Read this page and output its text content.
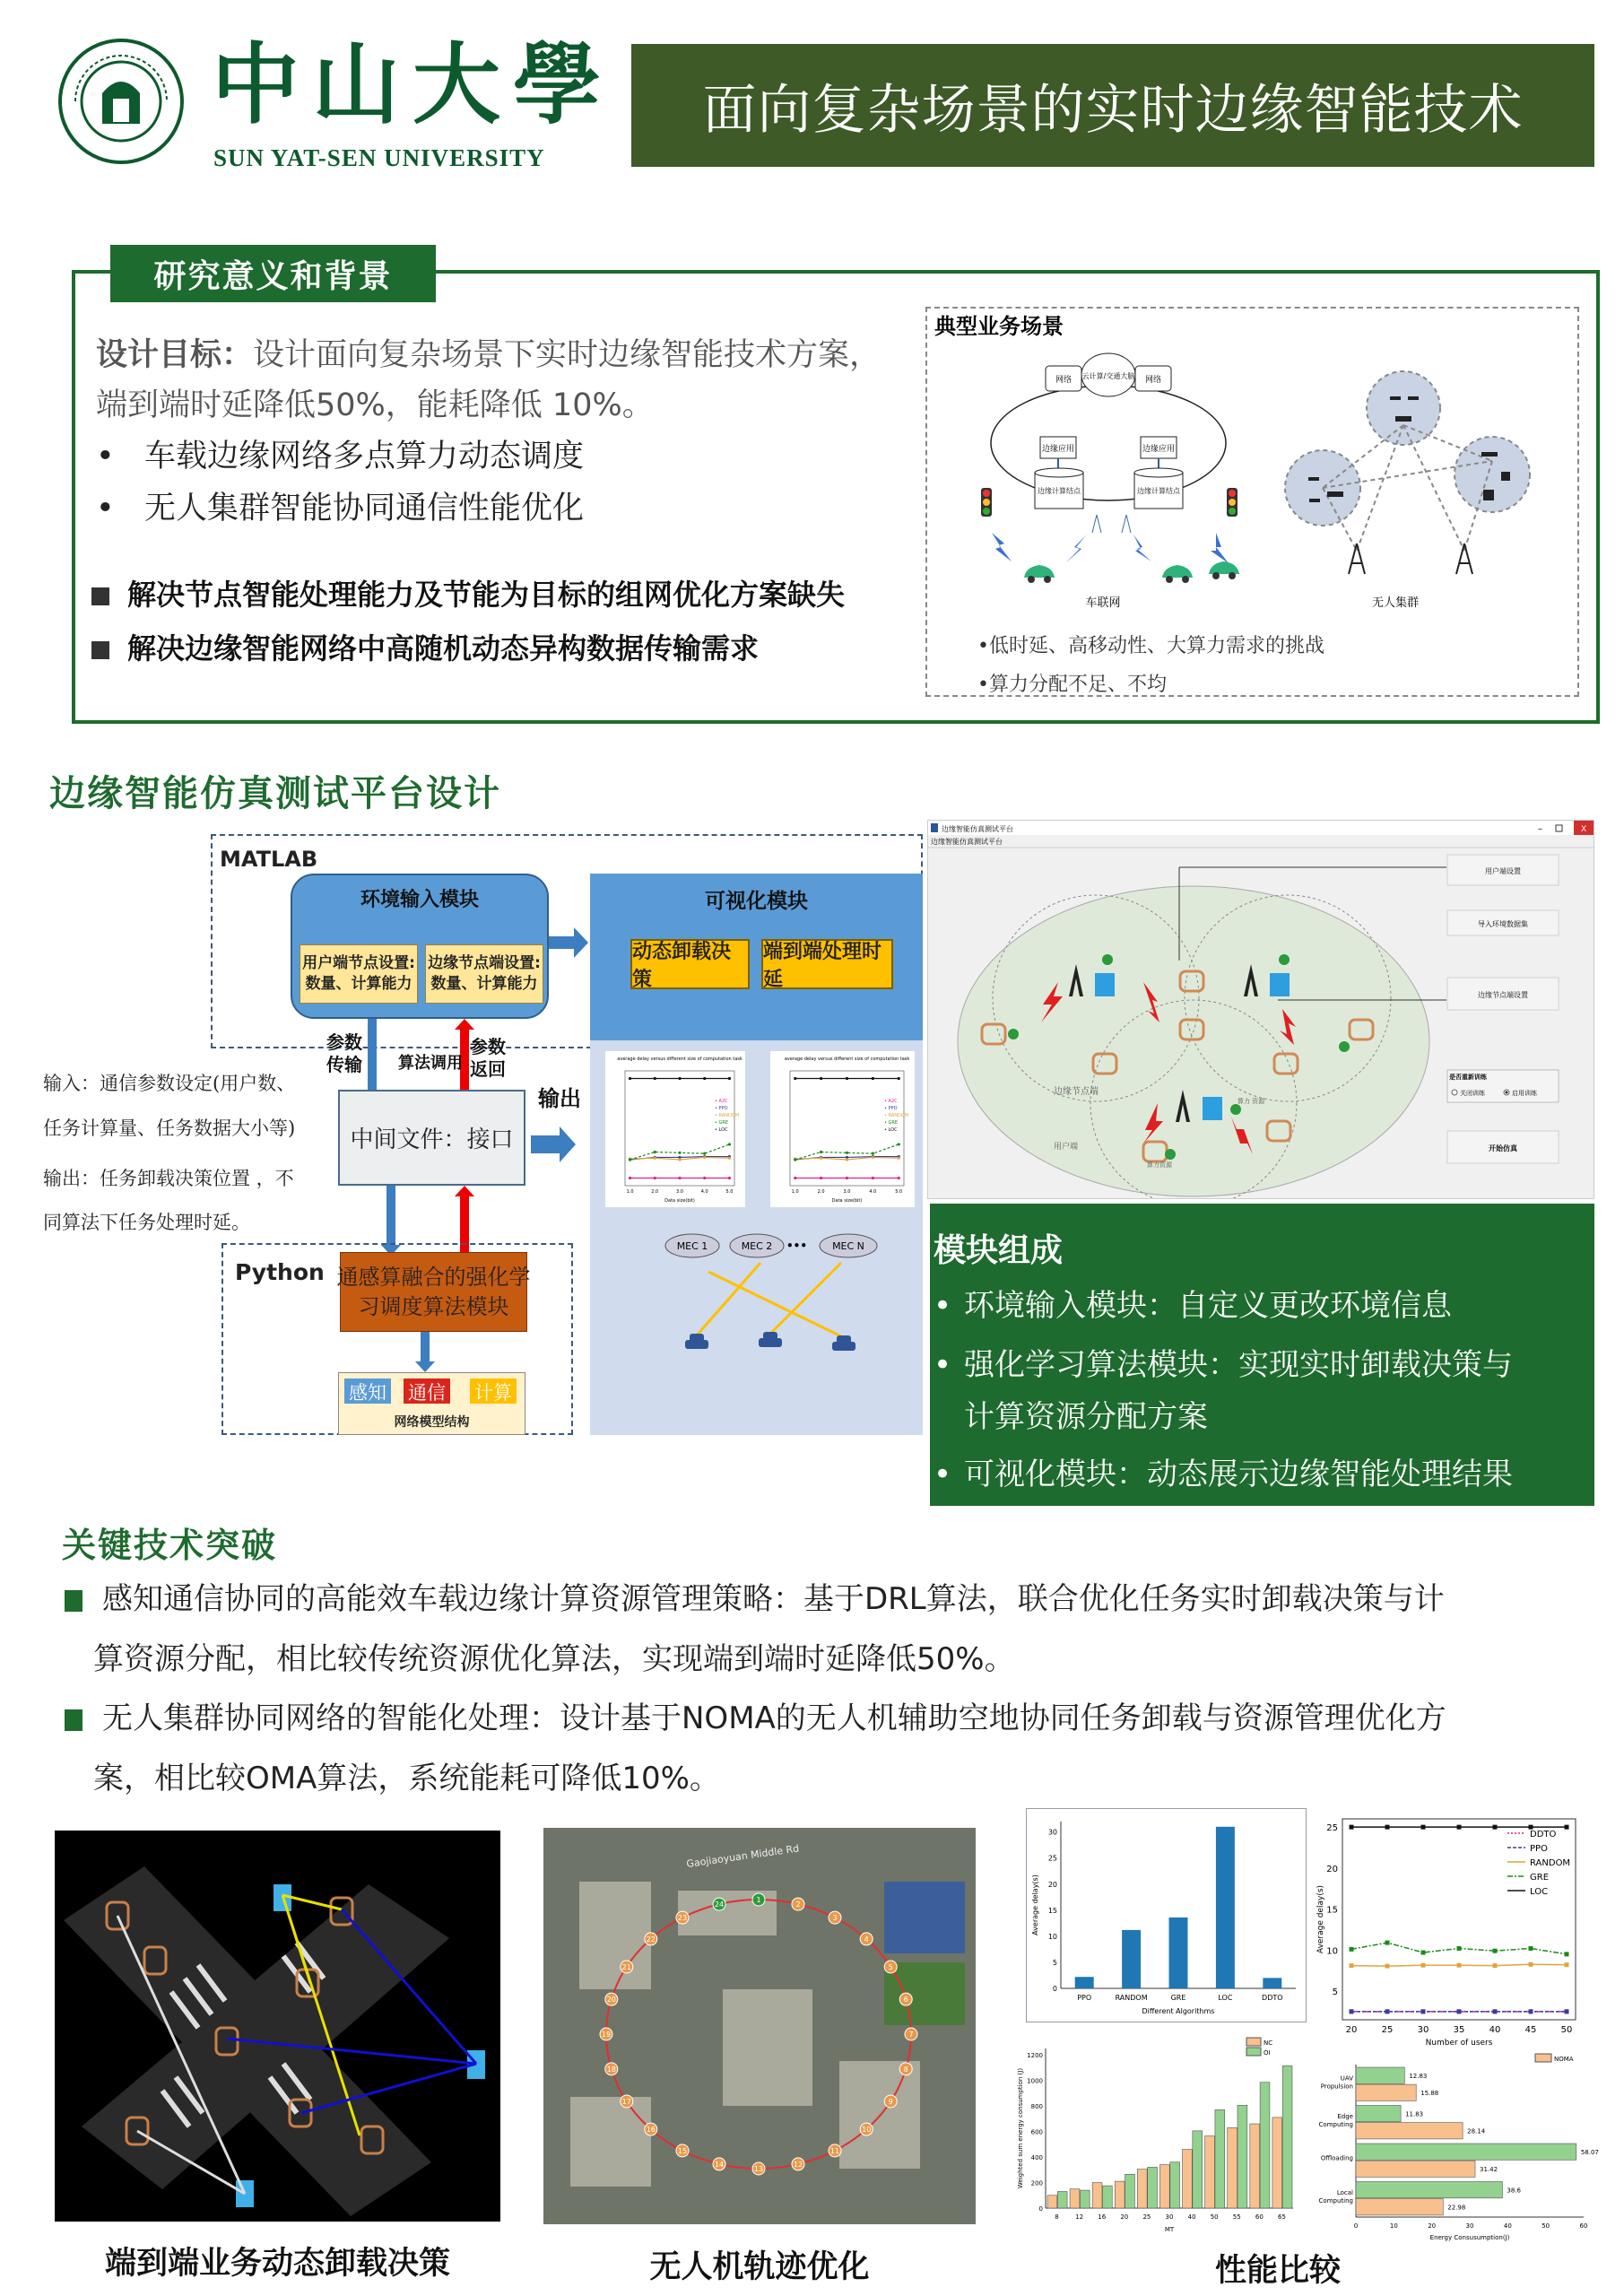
中山大學
SUN YAT-SEN UNIVERSITY
面向复杂场景的实时边缘智能技术
研究意义和背景
设计目标：设计面向复杂场景下实时边缘智能技术方案，
端到端时延降低50%，能耗降低 10%。
•   车载边缘网络多点算力动态调度
•   无人集群智能协同通信性能优化
解决节点智能处理能力及节能为目标的组网优化方案缺失
解决边缘智能网络中高随机动态异构数据传输需求
典型业务场景
网络	网络
云计算/交通大脑
边缘应用
边缘计算结点
边缘应用
边缘计算结点
车联网	无人集群
•低时延、高移动性、大算力需求的挑战
•算力分配不足、不均
边缘智能仿真测试平台设计
MATLAB
环境输入模块
用户端节点设置:
数量、计算能力
边缘节点端设置:
数量、计算能力
可视化模块
动态卸载决策
端到端处理时延
average delay versus different size of computation task
• A2C
• PPO
• RANDOM
• GRE
• LOC
1.0	2.0	3.0	4.0	5.0
Data size(bit)
average delay versus different size of computation task
• A2C
• PPO
• RANDOM
• GRE
• LOC
1.0	2.0	3.0	4.0	5.0
Data size(bit)
MEC 1	MEC 2	MEC N
•••
参数
传输 算法调用
参数
返回
输出
中间文件：接口
Python 通感算融合的强化学
习调度算法模块
感知 通信 计算
网络模型结构
输入：通信参数设定(用户数、
任务计算量、任务数据大小等)
输出：任务卸载决策位置 ，不
同算法下任务处理时延。
边缘智能仿真测试平台	–	X
边缘智能仿真测试平台
边缘节点端
算力 资源
用户端
算力资源
用户端设置
导入环境数据集
边缘节点端设置
是否重新训练
关闭训练	启用训练
开始仿真
模块组成
• 环境输入模块：自定义更改环境信息
• 强化学习算法模块：实现实时卸载决策与
计算资源分配方案
• 可视化模块：动态展示边缘智能处理结果
关键技术突破
感知通信协同的高能效车载边缘计算资源管理策略：基于DRL算法，联合优化任务实时卸载决策与计
算资源分配，相比较传统资源优化算法，实现端到端时延降低50%。
无人集群协同网络的智能化处理：设计基于NOMA的无人机辅助空地协同任务卸载与资源管理优化方
案，相比较OMA算法，系统能耗可降低10%。
Gaojiaoyuan Middle Rd
1
2
3
4
5
6
7
8
9
10
11
12
13
14
15
16
17
18
19
20
21
22
23
24
0
5
10
15
20
25
30
PPO	RANDOM	GRE	LOC	DDTO
Different Algorithms
Average delay(s)
5
10
15
20
25
20	25	30	35	40	45	50
Number of users
Average delay(s)
DDTO
PPO
RANDOM
GRE
LOC
0
200
400
600
800
1000
1200
8	12 16 20 25 30 40 50 55 60 65
MT
Weighted sum energy consumption (J)
NC
OI
0	10	20	30	40	50	60
Energy Consusumption(J)
UAV
Propulsion
12.83
15.88
Edge
Computing
11.83
28.14
Offloading
58.07
31.42
Local
Computing
38.6
22.98
NOMA
端到端业务动态卸载决策	无人机轨迹优化	性能比较
